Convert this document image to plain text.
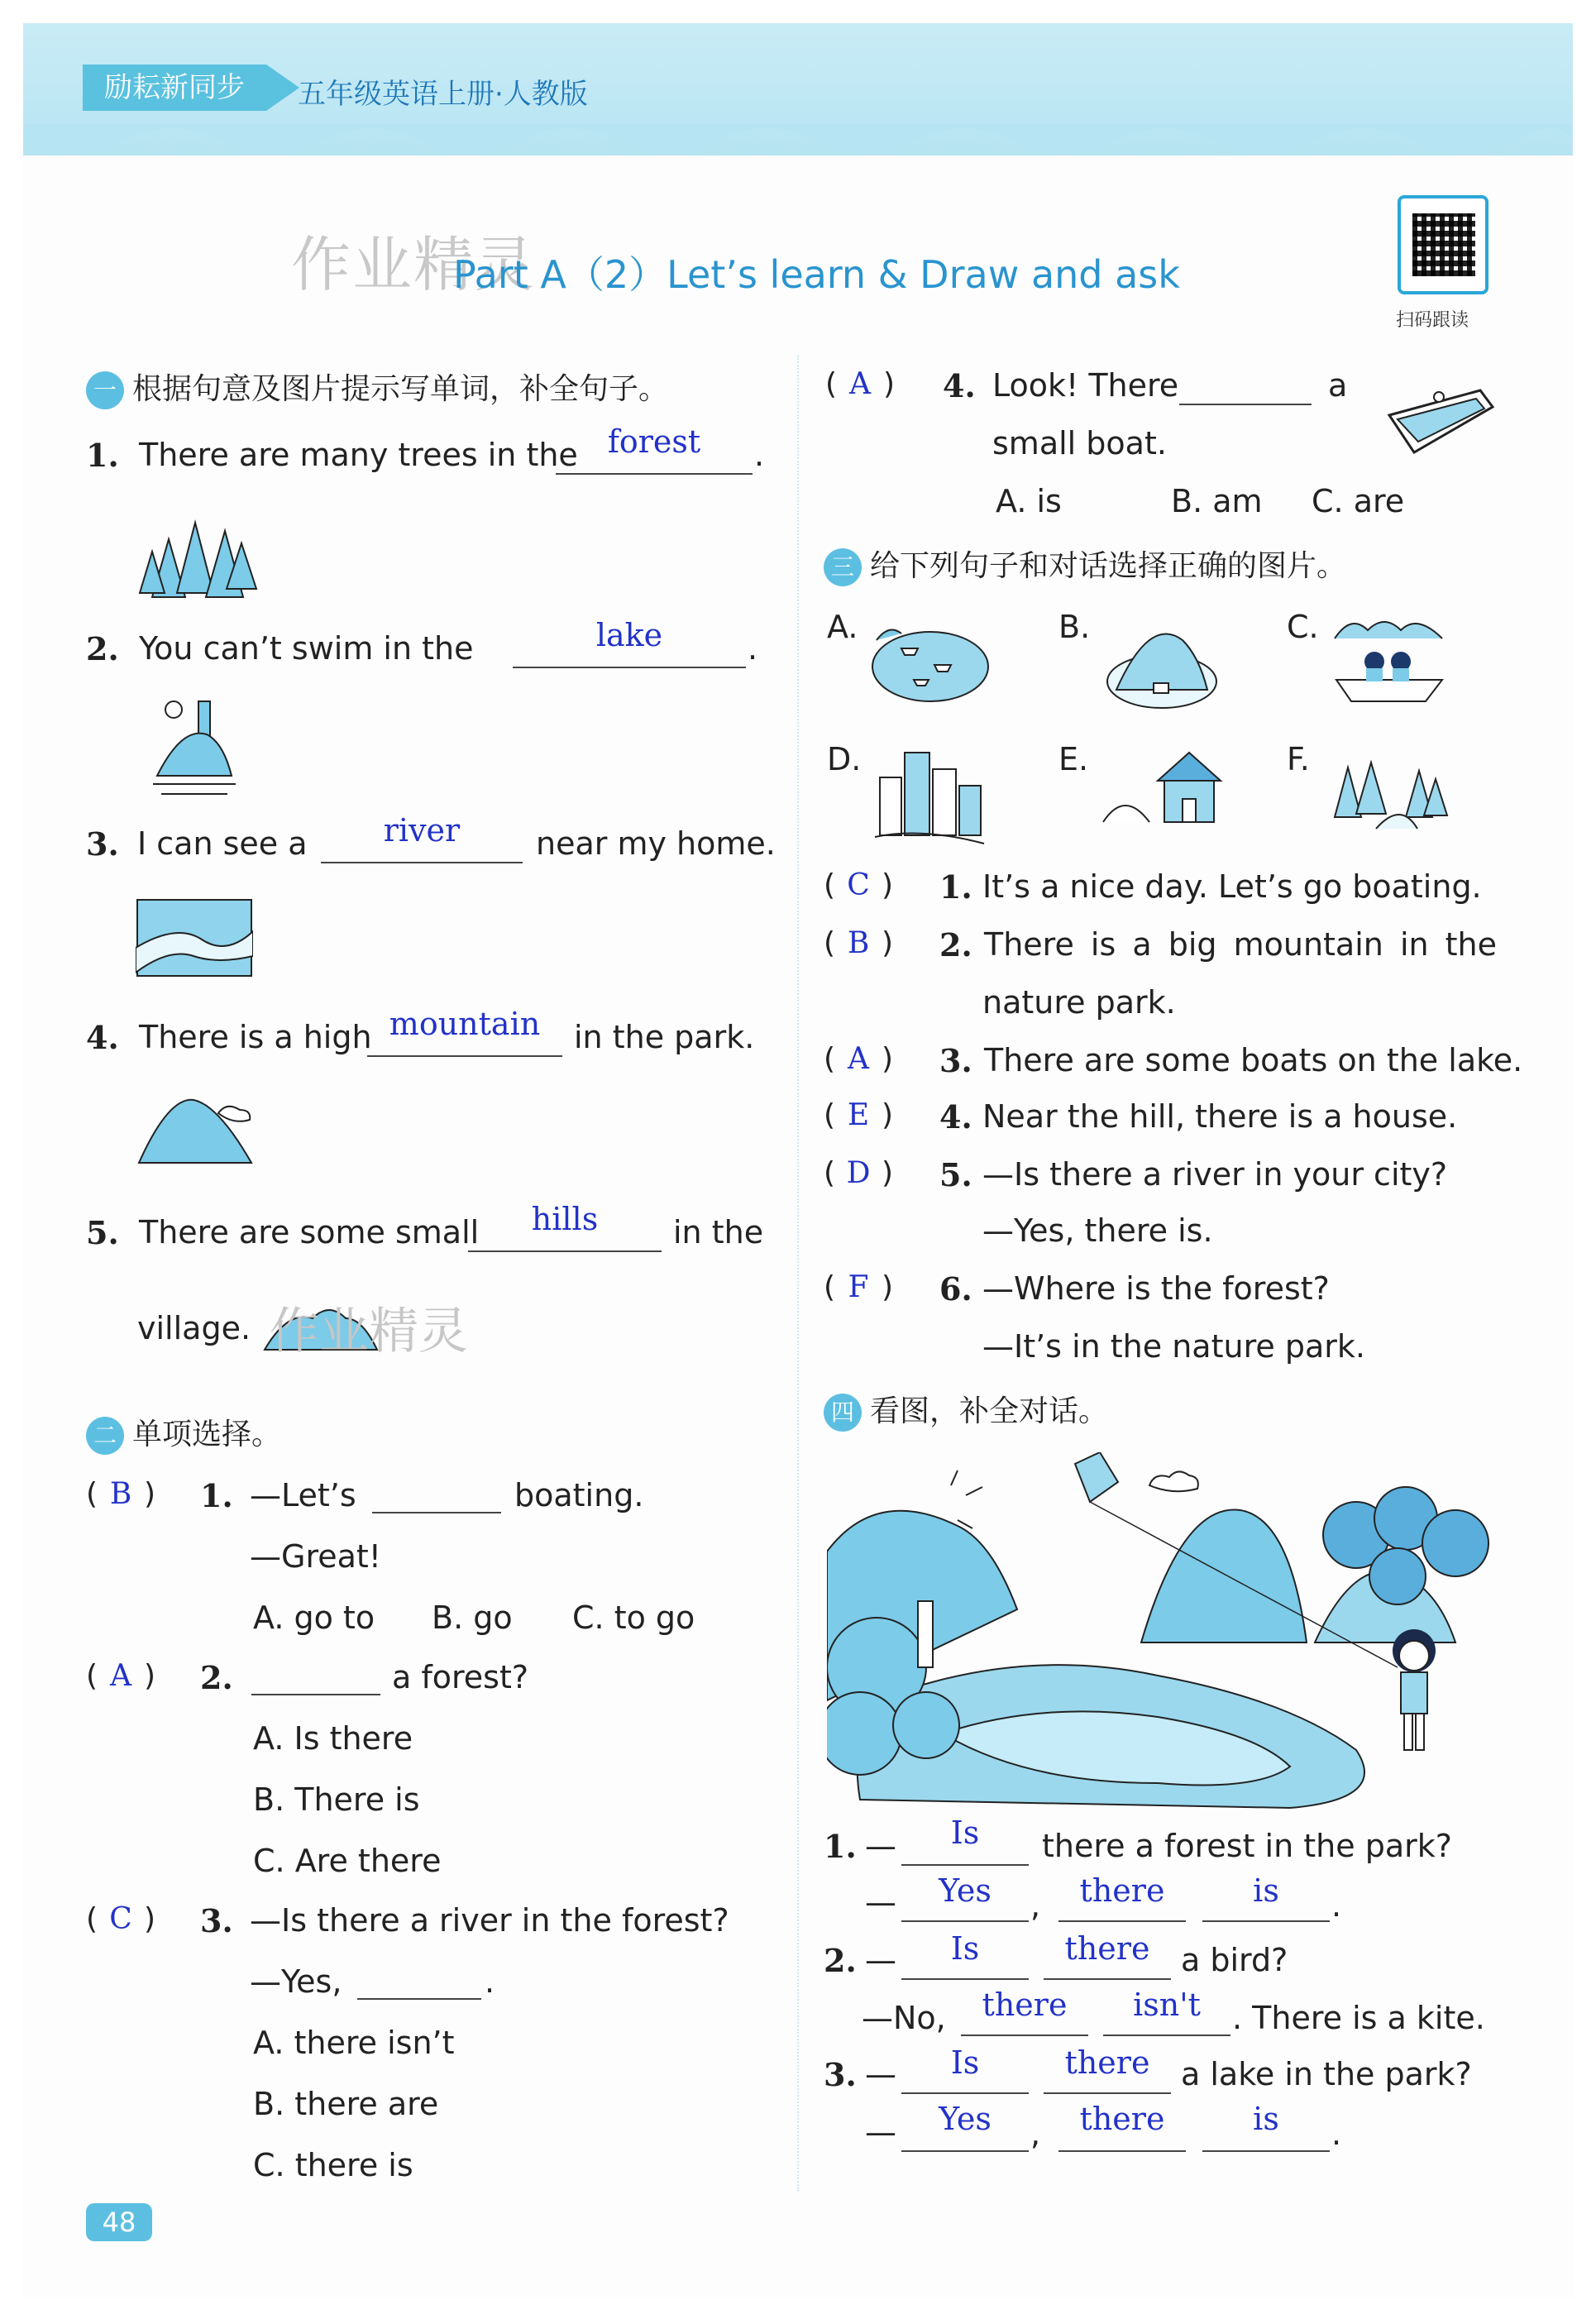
励耘新同步	五年级英语上册·人教版
作业精灵
Part A（2）Let’s learn & Draw and ask
扫码跟读
一 根据句意及图片提示写单词，补全句子。
1. There are many trees in the forest	.
2. You can’t swim in the	lake	.
3. I can see a	river	near my home.
4. There is a high mountain	in the park.
5. There are some small	hills	in the
village. 作业精灵
二 单项选择。
( B ) 1. —Let’s	boating.
—Great!
A. go to B. go C. to go
( A ) 2.	a forest?
A. Is there
B. There is
C. Are there
( C ) 3. —Is there a river in the forest?
—Yes,	.
A. there isn’t
B. there are
C. there is
( A ) 4. Look! There	a
small boat.
A. is	B. am C. are
三 给下列句子和对话选择正确的图片。
A.	B.	C.
D.	E.	F.
( C ) 1. It’s a nice day. Let’s go boating.
( B ) 2. There is a big mountain in the
nature park.
( A ) 3. There are some boats on the lake.
( E ) 4. Near the hill, there is a house.
( D ) 5. —Is there a river in your city?
—Yes, there is.
( F ) 6. —Where is the forest?
—It’s in the nature park.
四 看图，补全对话。
1. —	Is	there a forest in the park?
—	Yes	,	there	is	.
2. —	Is	there a bird?
—No,	there	isn't	. There is a kite.
3. —	Is	there a lake in the park?
—	Yes	,	there	is	.
48
